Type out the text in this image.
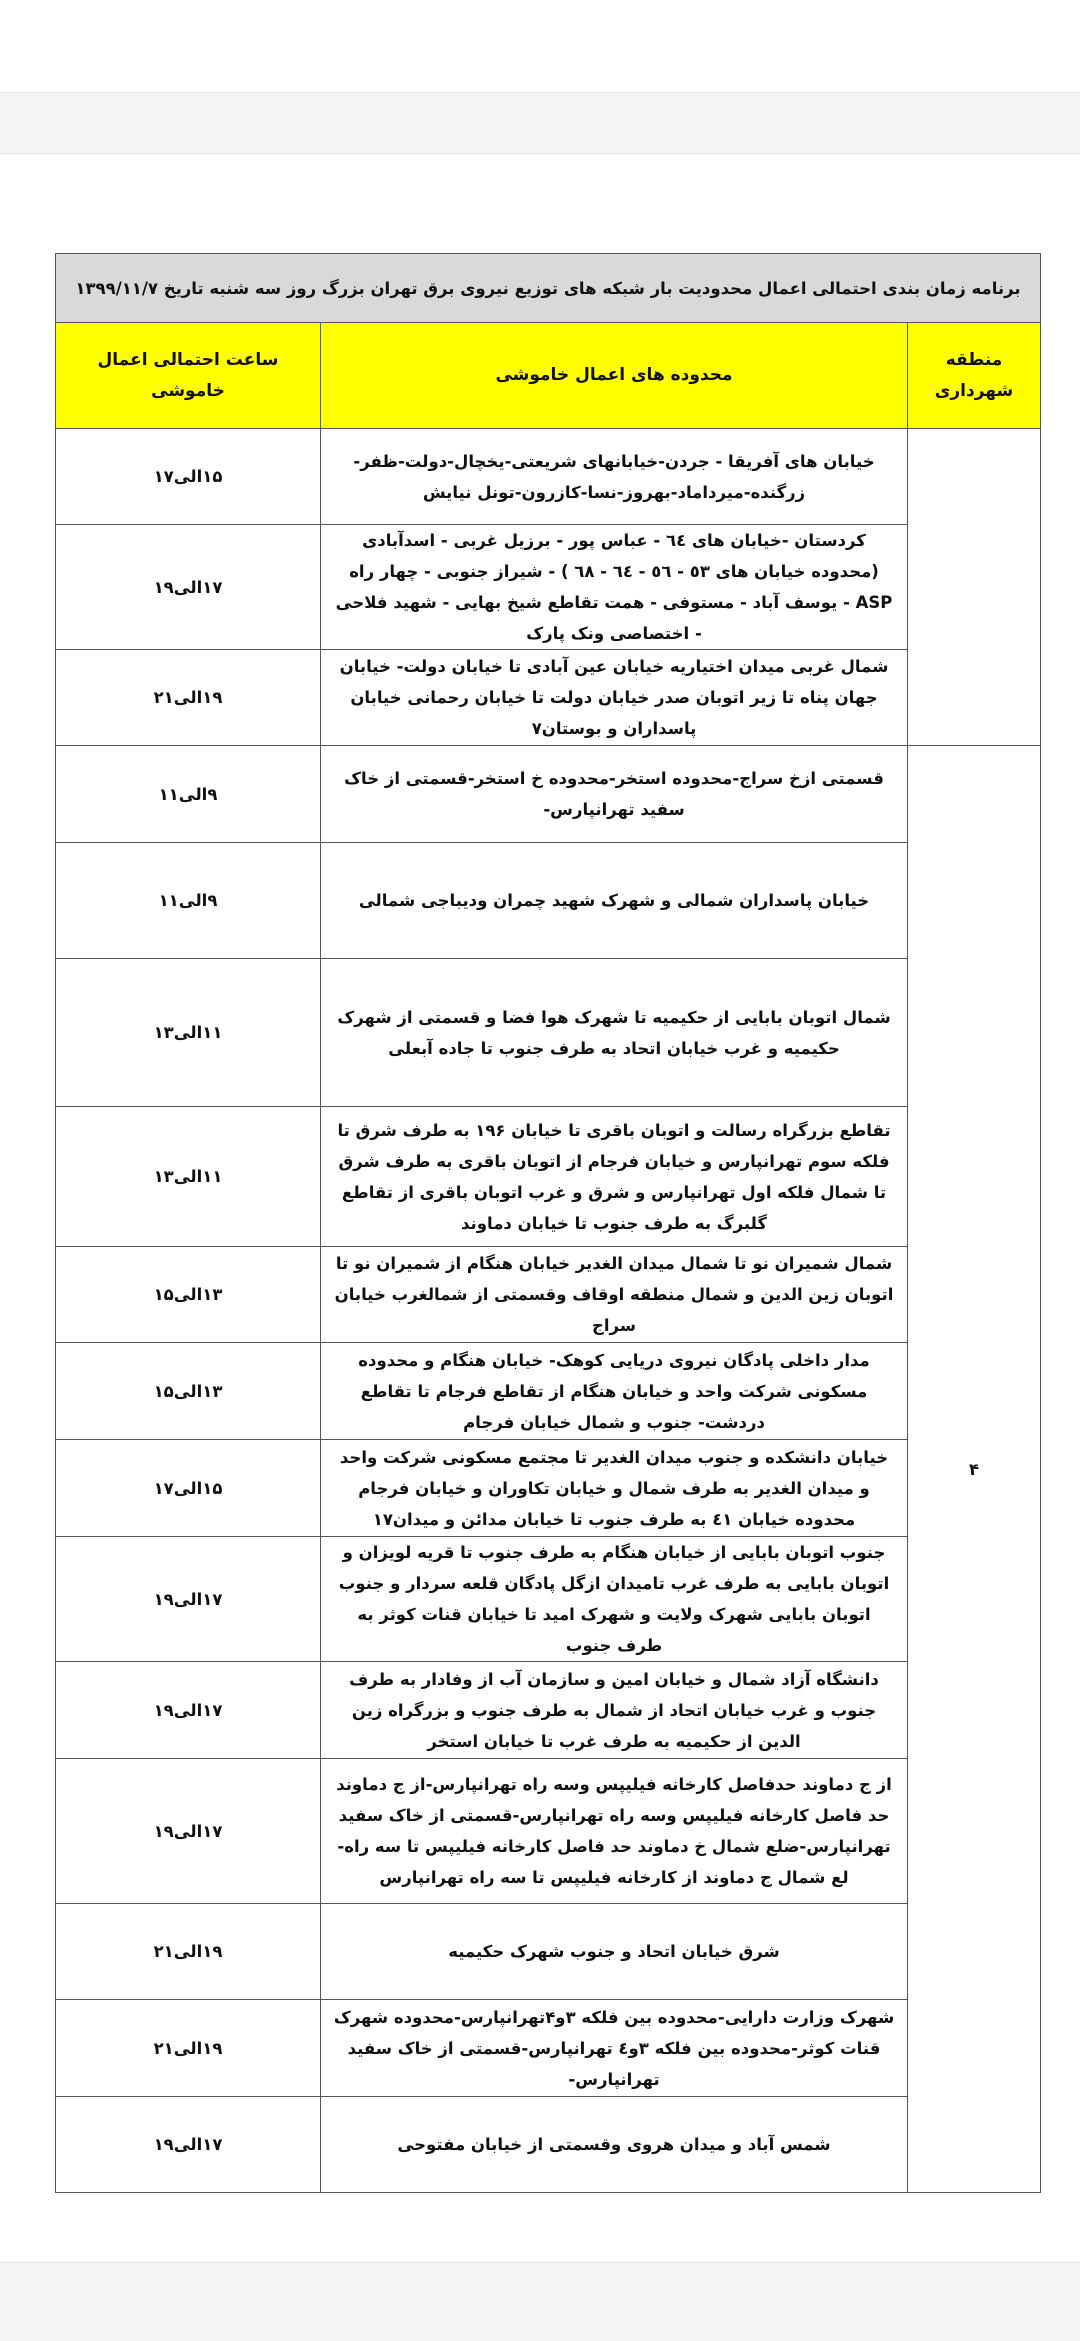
برنامه زمان بندی احتمالی اعمال محدودیت بار شبکه های توزیع نیروی برق تهران بزرگ روز سه شنبه تاریخ ۱۳۹۹/۱۱/۷		
منطقه شهرداری	محدوده های اعمال خاموشی	ساعت احتمالی اعمال خاموشی
	خیابان های آفریقا - جردن-خیابانهای شریعتی-یخچال-دولت-ظفر-زرگنده-میرداماد-بهروز-نسا-کازرون-تونل نیایش	۱۵الی۱۷
	کردستان -خیابان های ٦٤ - عباس پور - برزیل غربی - اسدآبادی (محدوده خیابان های ٥٣ - ٥٦ - ٦٤ - ٦٨ ) - شیراز جنوبی - چهار راه ASP - یوسف آباد - مستوفی - همت تقاطع شیخ بهایی - شهید فلاحی - اختصاصی ونک پارک	۱۷الی۱۹
	شمال غربی میدان اختیاریه خیابان عین آبادی تا خیابان دولت- خیابان جهان پناه تا زیر اتوبان صدر خیابان دولت تا خیابان رحمانی خیابان پاسداران و بوستان۷	۱۹الی۲۱
۴	قسمتی ازخ سراج-محدوده استخر-محدوده خ استخر-قسمتی از خاک سفید تهرانپارس-	۹الی۱۱
	خیابان پاسداران شمالی و شهرک شهید چمران ودیباجی شمالی	۹الی۱۱
	شمال اتوبان بابایی از حکیمیه تا شهرک هوا فضا و قسمتی از شهرک حکیمیه و غرب خیابان اتحاد به طرف جنوب تا جاده آبعلی	۱۱الی۱۳
	تقاطع بزرگراه رسالت و اتوبان باقری تا خیابان ۱۹۶ به طرف شرق تا فلکه سوم تهرانپارس و خیابان فرجام از اتوبان باقری به طرف شرق تا شمال فلکه اول تهرانپارس و شرق و غرب اتوبان باقری از تقاطع گلبرگ به طرف جنوب تا خیابان دماوند	۱۱الی۱۳
	شمال شمیران نو تا شمال میدان الغدیر خیابان هنگام از شمیران نو تا اتوبان زین الدین و شمال منطقه اوقاف وقسمتی از شمالغرب خیابان سراج	۱۳الی۱۵
	مدار داخلی پادگان نیروی دریایی کوهک- خیابان هنگام و محدوده مسکونی شرکت واحد و خیابان هنگام از تقاطع فرجام تا تقاطع دردشت- جنوب و شمال خیابان فرجام	۱۳الی۱۵
	خیابان دانشکده و جنوب میدان الغدیر تا مجتمع مسکونی شرکت واحد و میدان الغدیر به طرف شمال و خیابان تکاوران و خیابان فرجام محدوده خیابان ٤١ به طرف جنوب تا خیابان مدائن و میدان۱۷	۱۵الی۱۷
	جنوب اتوبان بابایی از خیابان هنگام به طرف جنوب تا قریه لویزان و اتوبان بابایی به طرف غرب تامیدان ازگل پادگان قلعه سردار و جنوب اتوبان بابایی شهرک ولایت و شهرک امید تا خیابان قنات کوثر به طرف جنوب	۱۷الی۱۹
	دانشگاه آزاد شمال و خیابان امین و سازمان آب از وفادار به طرف جنوب و غرب خیابان اتحاد از شمال به طرف جنوب و بزرگراه زین الدین از حکیمیه به طرف غرب تا خیابان استخر	۱۷الی۱۹
	از ج دماوند حدفاصل کارخانه فیلیپس وسه راه تهرانپارس-از ج دماوند حد فاصل کارخانه فیلیپس وسه راه تهرانپارس-قسمتی از خاک سفید تهرانپارس-ضلع شمال خ دماوند حد فاصل کارخانه فیلیپس تا سه راه-لع شمال ج دماوند از کارخانه فیلیپس تا سه راه تهرانپارس	۱۷الی۱۹
	شرق خیابان اتحاد و جنوب شهرک حکیمیه	۱۹الی۲۱
	شهرک وزارت دارایی-محدوده بین فلکه ۳و۴تهرانپارس-محدوده شهرک قنات کوثر-محدوده بین فلکه ۳و٤ تهرانپارس-قسمتی از خاک سفید تهرانپارس-	۱۹الی۲۱
	شمس آباد و میدان هروی وقسمتی از خیابان مفتوحی	۱۷الی۱۹
